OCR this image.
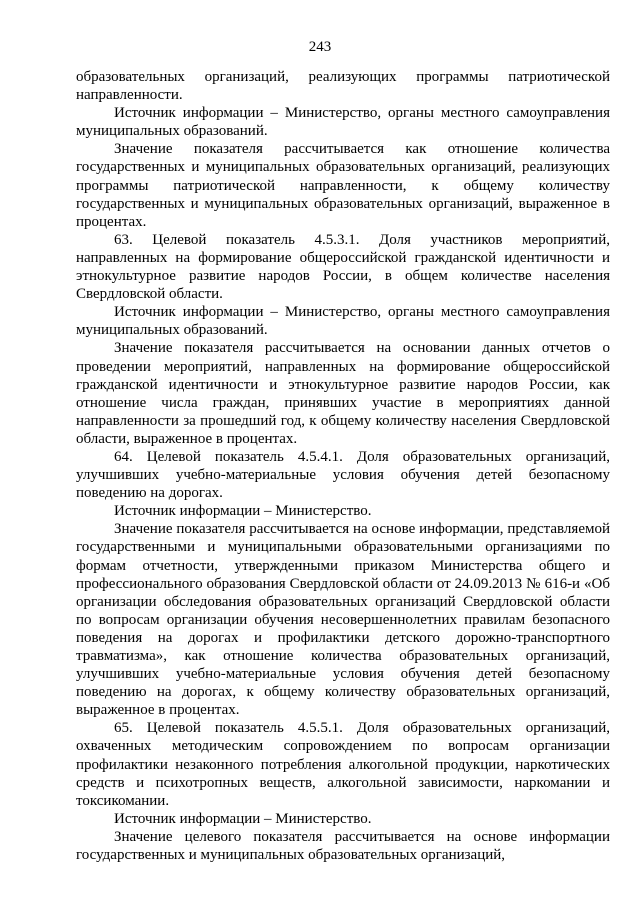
243

образовательных организаций, реализующих программы патриотической направленности.

Источник информации – Министерство, органы местного самоуправления муниципальных образований.

Значение показателя рассчитывается как отношение количества государственных и муниципальных образовательных организаций, реализующих программы патриотической направленности, к общему количеству государственных и муниципальных образовательных организаций, выраженное в процентах.

63. Целевой показатель 4.5.3.1. Доля участников мероприятий, направленных на формирование общероссийской гражданской идентичности и этнокультурное развитие народов России, в общем количестве населения Свердловской области.

Источник информации – Министерство, органы местного самоуправления муниципальных образований.

Значение показателя рассчитывается на основании данных отчетов о проведении мероприятий, направленных на формирование общероссийской гражданской идентичности и этнокультурное развитие народов России, как отношение числа граждан, принявших участие в мероприятиях данной направленности за прошедший год, к общему количеству населения Свердловской области, выраженное в процентах.

64. Целевой показатель 4.5.4.1. Доля образовательных организаций, улучшивших учебно-материальные условия обучения детей безопасному поведению на дорогах.

Источник информации – Министерство.

Значение показателя рассчитывается на основе информации, представляемой государственными и муниципальными образовательными организациями по формам отчетности, утвержденными приказом Министерства общего и профессионального образования Свердловской области от 24.09.2013 № 616-и «Об организации обследования образовательных организаций Свердловской области по вопросам организации обучения несовершеннолетних правилам безопасного поведения на дорогах и профилактики детского дорожно-транспортного травматизма», как отношение количества образовательных организаций, улучшивших учебно-материальные условия обучения детей безопасному поведению на дорогах, к общему количеству образовательных организаций, выраженное в процентах.

65. Целевой показатель 4.5.5.1. Доля образовательных организаций, охваченных методическим сопровождением по вопросам организации профилактики незаконного потребления алкогольной продукции, наркотических средств и психотропных веществ, алкогольной зависимости, наркомании и токсикомании.

Источник информации – Министерство.

Значение целевого показателя рассчитывается на основе информации государственных и муниципальных образовательных организаций,
